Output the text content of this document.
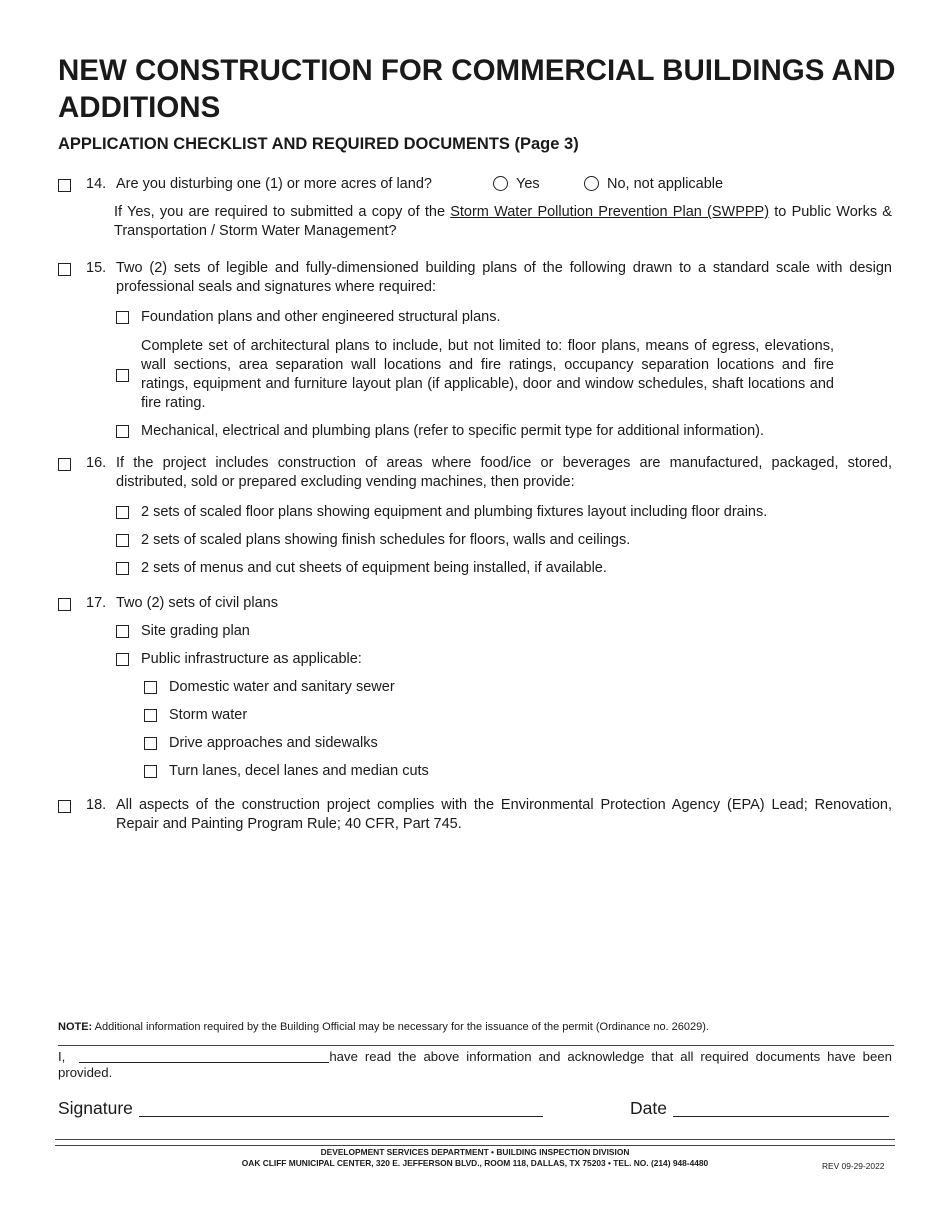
NEW CONSTRUCTION FOR COMMERCIAL BUILDINGS AND ADDITIONS
APPLICATION CHECKLIST AND REQUIRED DOCUMENTS (Page 3)
14. Are you disturbing one (1) or more acres of land?	Yes	No, not applicable
If Yes, you are required to submitted a copy of the Storm Water Pollution Prevention Plan (SWPPP) to Public Works & Transportation / Storm Water Management?
15. Two (2) sets of legible and fully-dimensioned building plans of the following drawn to a standard scale with design professional seals and signatures where required:
Foundation plans and other engineered structural plans.
Complete set of architectural plans to include, but not limited to: floor plans, means of egress, elevations, wall sections, area separation wall locations and fire ratings, occupancy separation locations and fire ratings, equipment and furniture layout plan (if applicable), door and window schedules, shaft locations and fire rating.
Mechanical, electrical and plumbing plans (refer to specific permit type for additional information).
16. If the project includes construction of areas where food/ice or beverages are manufactured, packaged, stored, distributed, sold or prepared excluding vending machines, then provide:
2 sets of scaled floor plans showing equipment and plumbing fixtures layout including floor drains.
2 sets of scaled plans showing finish schedules for floors, walls and ceilings.
2 sets of menus and cut sheets of equipment being installed, if available.
17. Two (2) sets of civil plans
Site grading plan
Public infrastructure as applicable:
Domestic water and sanitary sewer
Storm water
Drive approaches and sidewalks
Turn lanes, decel lanes and median cuts
18. All aspects of the construction project complies with the Environmental Protection Agency (EPA) Lead; Renovation, Repair and Painting Program Rule; 40 CFR, Part 745.
NOTE: Additional information required by the Building Official may be necessary for the issuance of the permit (Ordinance no. 26029).
I,	have read the above information and acknowledge that all required documents have been provided.
Signature	Date
DEVELOPMENT SERVICES DEPARTMENT • BUILDING INSPECTION DIVISION
OAK CLIFF MUNICIPAL CENTER, 320 E. JEFFERSON BLVD., ROOM 118, DALLAS, TX 75203 • TEL. NO. (214) 948-4480	REV 09-29-2022
